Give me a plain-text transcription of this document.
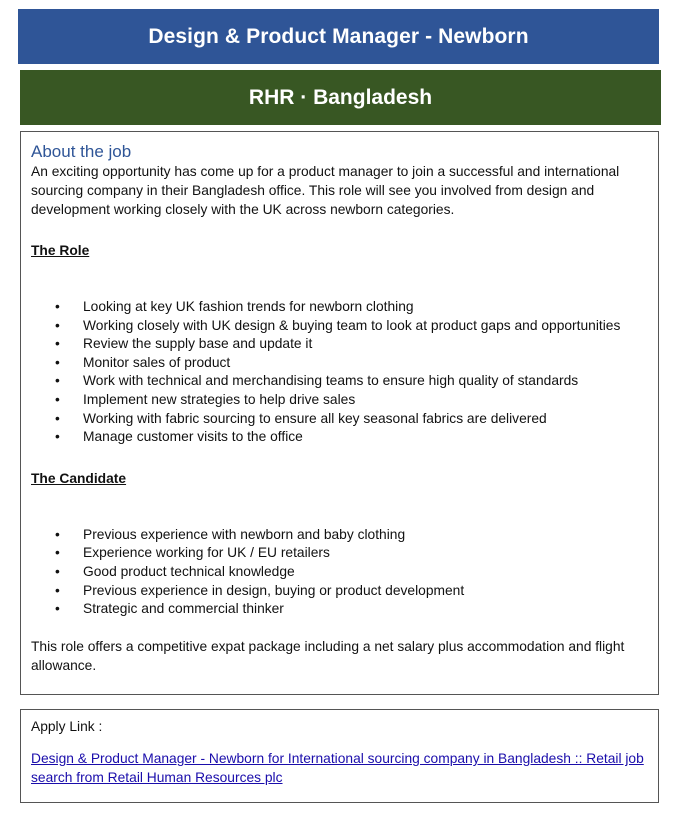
Design & Product Manager - Newborn
RHR · Bangladesh
About the job

An exciting opportunity has come up for a product manager to join a successful and international sourcing company in their Bangladesh office. This role will see you involved from design and development working closely with the UK across newborn categories.

The Role
• Looking at key UK fashion trends for newborn clothing
• Working closely with UK design & buying team to look at product gaps and opportunities
• Review the supply base and update it
• Monitor sales of product
• Work with technical and merchandising teams to ensure high quality of standards
• Implement new strategies to help drive sales
• Working with fabric sourcing to ensure all key seasonal fabrics are delivered
• Manage customer visits to the office
The Candidate
• Previous experience with newborn and baby clothing
• Experience working for UK / EU retailers
• Good product technical knowledge
• Previous experience in design, buying or product development
• Strategic and commercial thinker

This role offers a competitive expat package including a net salary plus accommodation and flight allowance.

Apply Link :

Design & Product Manager - Newborn for International sourcing company in Bangladesh :: Retail job search from Retail Human Resources plc
